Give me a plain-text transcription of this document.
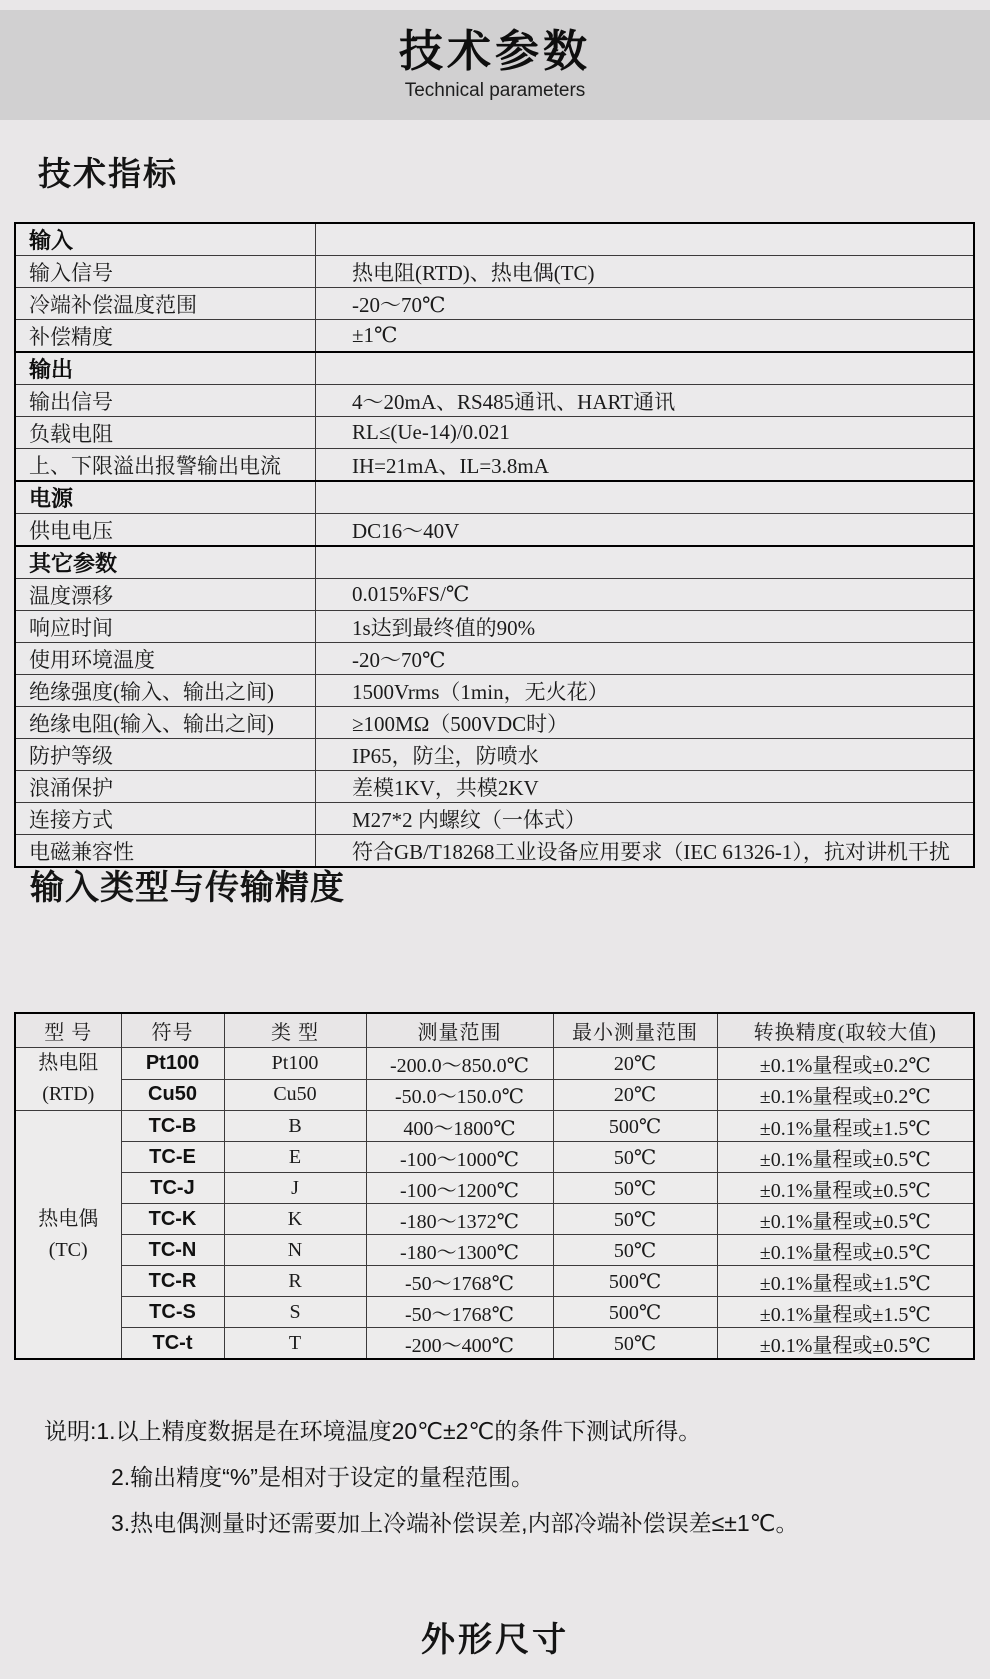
技术参数
Technical parameters
技术指标
输入	
输入信号	热电阻(RTD)、热电偶(TC)
冷端补偿温度范围	-20～70℃
补偿精度	±1℃
输出	
输出信号	4～20mA、RS485通讯、HART通讯
负载电阻	RL≤(Ue-14)/0.021
上、下限溢出报警输出电流	IH=21mA、IL=3.8mA
电源	
供电电压	DC16～40V
其它参数	
温度漂移	0.015%FS/℃
响应时间	1s达到最终值的90%
使用环境温度	-20～70℃
绝缘强度(输入、输出之间)	1500Vrms（1min，无火花）
绝缘电阻(输入、输出之间)	≥100MΩ（500VDC时）
防护等级	IP65，防尘，防喷水
浪涌保护	差模1KV，共模2KV
连接方式	M27*2 内螺纹（一体式）
电磁兼容性	符合GB/T18268工业设备应用要求（IEC 61326-1），抗对讲机干扰
输入类型与传输精度
型 号	符号	类 型	测量范围	最小测量范围	转换精度(取较大值)

热电阻
(RTD)	Pt100	Pt100	-200.0～850.0℃	20℃	±0.1%量程或±0.2℃
	Cu50	Cu50	-50.0～150.0℃	20℃	±0.1%量程或±0.2℃

热电偶
(TC)	TC-B	B	400～1800℃	500℃	±0.1%量程或±1.5℃
	TC-E	E	-100～1000℃	50℃	±0.1%量程或±0.5℃
	TC-J	J	-100～1200℃	50℃	±0.1%量程或±0.5℃
	TC-K	K	-180～1372℃	50℃	±0.1%量程或±0.5℃
	TC-N	N	-180～1300℃	50℃	±0.1%量程或±0.5℃
	TC-R	R	-50～1768℃	500℃	±0.1%量程或±1.5℃
	TC-S	S	-50～1768℃	500℃	±0.1%量程或±1.5℃
	TC-t	T	-200～400℃	50℃	±0.1%量程或±0.5℃
说明: 1.以上精度数据是在环境温度20℃±2℃的条件下测试所得。
2.输出精度“%”是相对于设定的量程范围。
3.热电偶测量时还需要加上冷端补偿误差,内部冷端补偿误差≤±1℃。
外形尺寸
